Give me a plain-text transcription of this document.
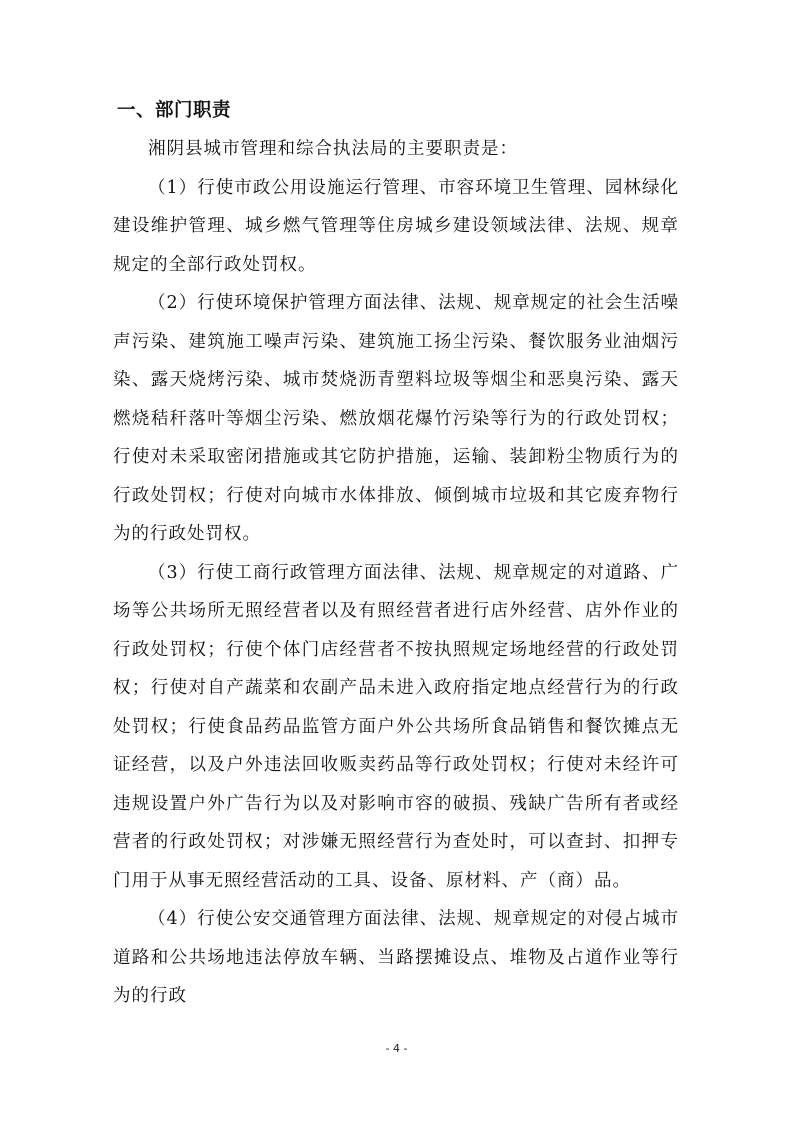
一、部门职责

湘阴县城市管理和综合执法局的主要职责是：

（1）行使市政公用设施运行管理、市容环境卫生管理、园林绿化建设维护管理、城乡燃气管理等住房城乡建设领域法律、法规、规章规定的全部行政处罚权。

（2）行使环境保护管理方面法律、法规、规章规定的社会生活噪声污染、建筑施工噪声污染、建筑施工扬尘污染、餐饮服务业油烟污染、露天烧烤污染、城市焚烧沥青塑料垃圾等烟尘和恶臭污染、露天燃烧秸秆落叶等烟尘污染、燃放烟花爆竹污染等行为的行政处罚权；行使对未采取密闭措施或其它防护措施，运输、装卸粉尘物质行为的行政处罚权；行使对向城市水体排放、倾倒城市垃圾和其它废弃物行为的行政处罚权。

（3）行使工商行政管理方面法律、法规、规章规定的对道路、广场等公共场所无照经营者以及有照经营者进行店外经营、店外作业的行政处罚权；行使个体门店经营者不按执照规定场地经营的行政处罚权；行使对自产蔬菜和农副产品未进入政府指定地点经营行为的行政处罚权；行使食品药品监管方面户外公共场所食品销售和餐饮摊点无证经营，以及户外违法回收贩卖药品等行政处罚权；行使对未经许可违规设置户外广告行为以及对影响市容的破损、残缺广告所有者或经营者的行政处罚权；对涉嫌无照经营行为查处时，可以查封、扣押专门用于从事无照经营活动的工具、设备、原材料、产（商）品。

（4）行使公安交通管理方面法律、法规、规章规定的对侵占城市道路和公共场地违法停放车辆、当路摆摊设点、堆物及占道作业等行为的行政

- 4 -
